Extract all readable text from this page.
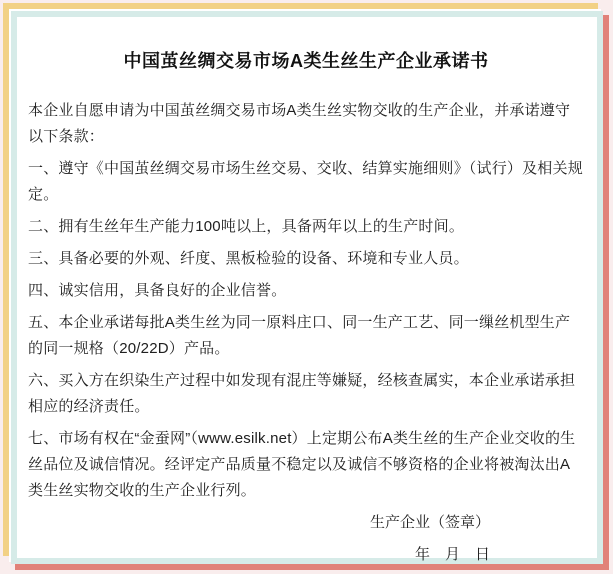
中国茧丝绸交易市场A类生丝生产企业承诺书

本企业自愿申请为中国茧丝绸交易市场A类生丝实物交收的生产企业，并承诺遵守以下条款：

一、遵守《中国茧丝绸交易市场生丝交易、交收、结算实施细则》（试行）及相关规定。

二、拥有生丝年生产能力100吨以上，具备两年以上的生产时间。

三、具备必要的外观、纤度、黑板检验的设备、环境和专业人员。

四、诚实信用，具备良好的企业信誉。

五、本企业承诺每批A类生丝为同一原料庄口、同一生产工艺、同一缫丝机型生产的同一规格（20/22D）产品。

六、买入方在织染生产过程中如发现有混庄等嫌疑，经核查属实，本企业承诺承担相应的经济责任。

七、市场有权在“金蚕网”（www.esilk.net）上定期公布A类生丝的生产企业交收的生丝品位及诚信情况。经评定产品质量不稳定以及诚信不够资格的企业将被淘汰出A类生丝实物交收的生产企业行列。

生产企业（签章）

年　月　日
